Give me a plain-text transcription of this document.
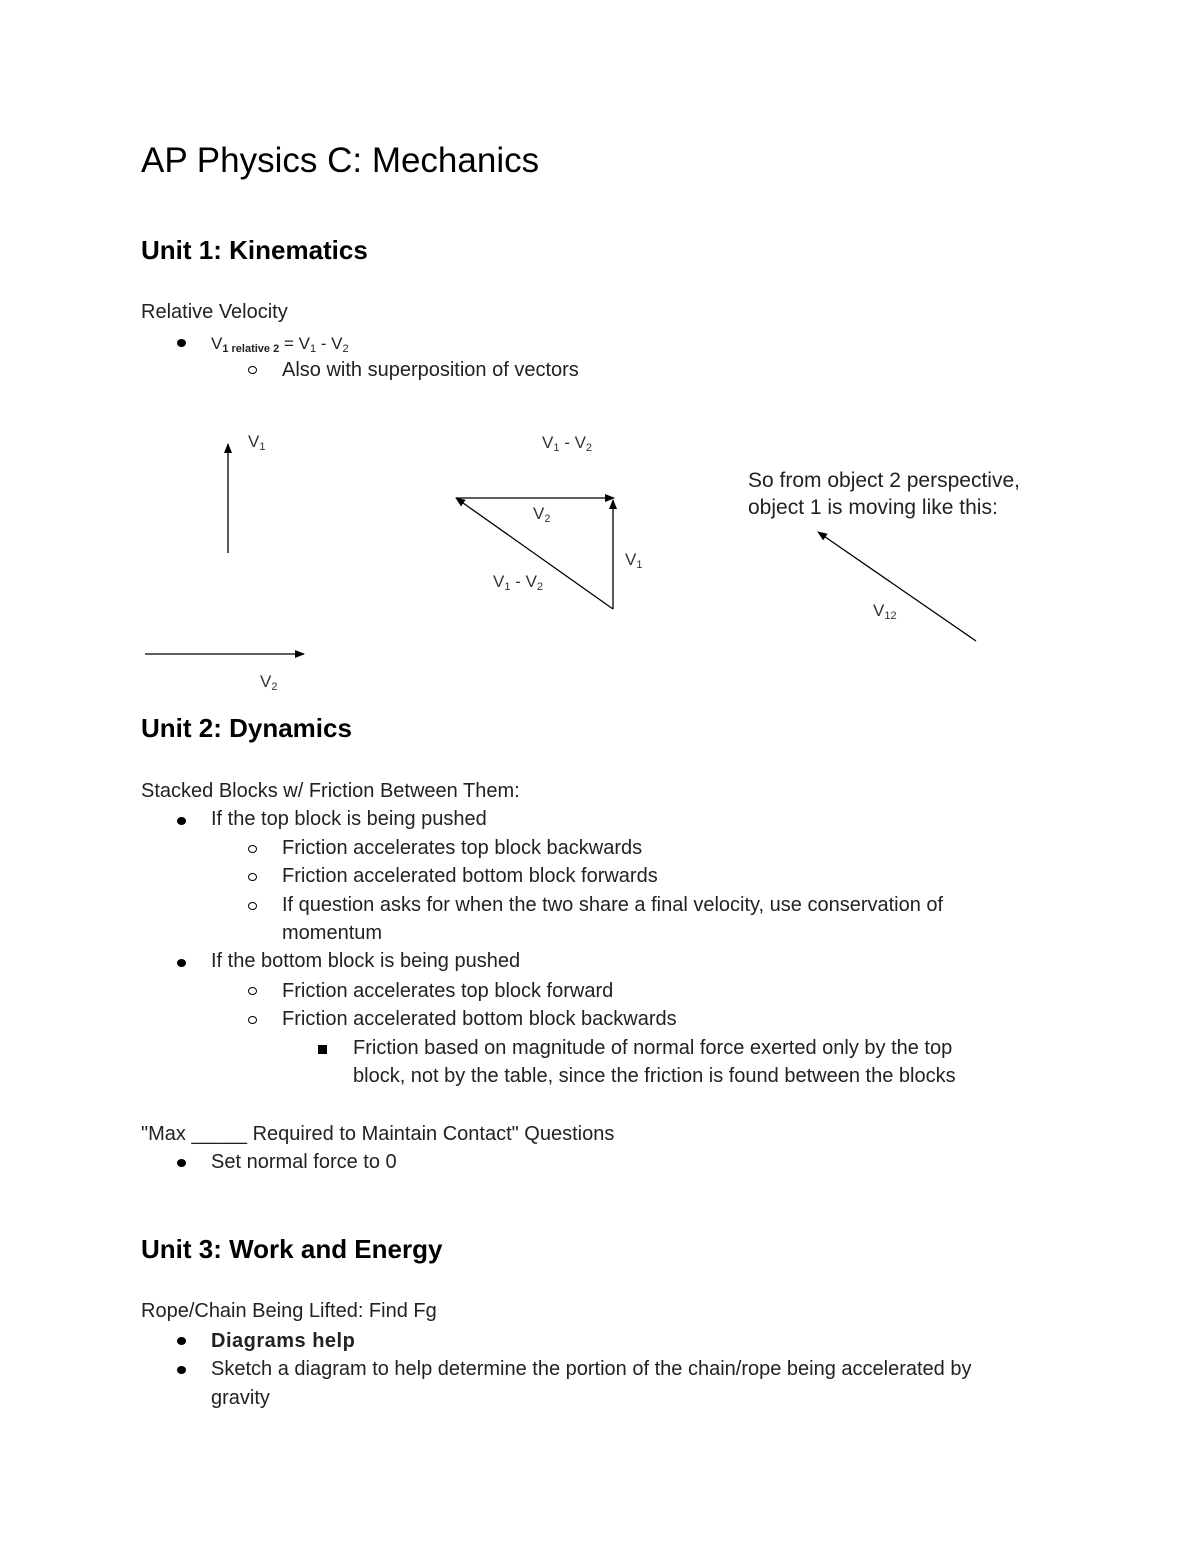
AP Physics C: Mechanics
Unit 1: Kinematics
Relative Velocity
V1 relative 2 = V1 - V2
Also with superposition of vectors
$V_1$
$V_2$
$V_1 - V_2$
$V_2$
$V_1$
$V_1 - V_2$
So from object 2 perspective,
object 1 is moving like this:
$V_{12}$
Unit 2: Dynamics
Stacked Blocks w/ Friction Between Them:
If the top block is being pushed
Friction accelerates top block backwards
Friction accelerated bottom block forwards
If question asks for when the two share a final velocity, use conservation of
momentum
If the bottom block is being pushed
Friction accelerates top block forward
Friction accelerated bottom block backwards
Friction based on magnitude of normal force exerted only by the top
block, not by the table, since the friction is found between the blocks
"Max _____ Required to Maintain Contact" Questions
Set normal force to 0
Unit 3: Work and Energy
Rope/Chain Being Lifted: Find Fg
Diagrams help
Sketch a diagram to help determine the portion of the chain/rope being accelerated by
gravity
